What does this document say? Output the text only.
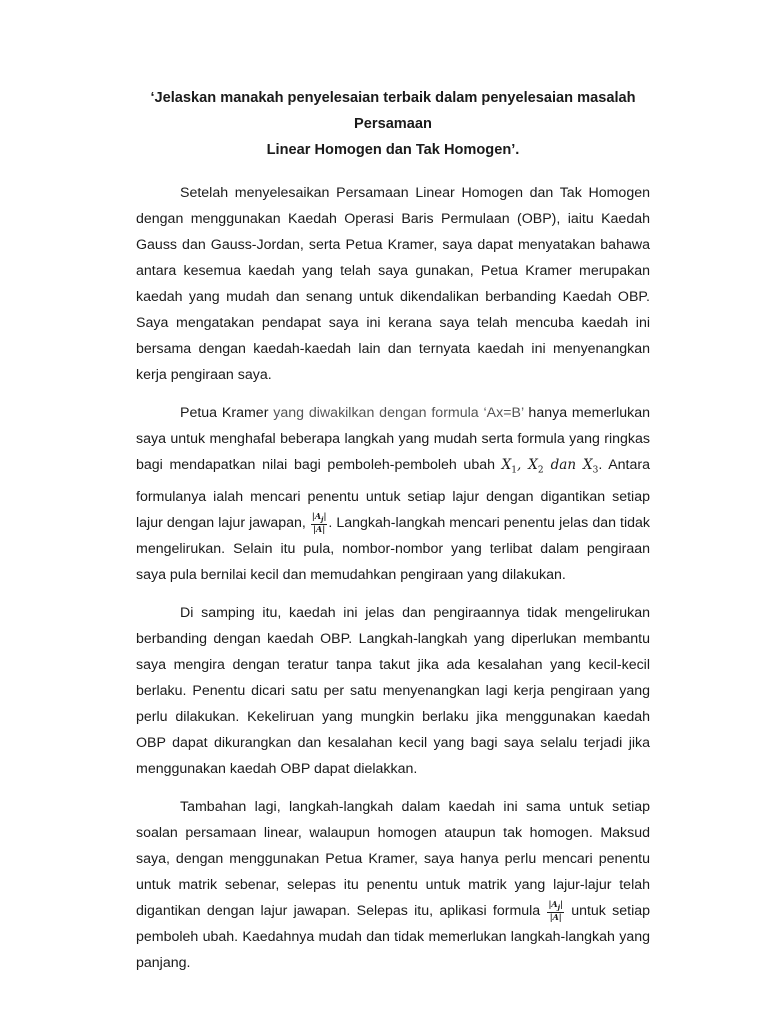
‘Jelaskan manakah penyelesaian terbaik dalam penyelesaian masalah Persamaan
Linear Homogen dan Tak Homogen’.

Setelah menyelesaikan Persamaan Linear Homogen dan Tak Homogen dengan menggunakan Kaedah Operasi Baris Permulaan (OBP), iaitu Kaedah Gauss dan Gauss-Jordan, serta Petua Kramer, saya dapat menyatakan bahawa antara kesemua kaedah yang telah saya gunakan, Petua Kramer merupakan kaedah yang mudah dan senang untuk dikendalikan berbanding Kaedah OBP. Saya mengatakan pendapat saya ini kerana saya telah mencuba kaedah ini bersama dengan kaedah-kaedah lain dan ternyata kaedah ini menyenangkan kerja pengiraan saya.

Petua Kramer yang diwakilkan dengan formula ‘Ax=B’ hanya memerlukan saya untuk menghafal beberapa langkah yang mudah serta formula yang ringkas bagi mendapatkan nilai bagi pemboleh-pemboleh ubah $X_1$, $X_2$ dan $X_3$. Antara formulanya ialah mencari penentu untuk setiap lajur dengan digantikan setiap lajur dengan lajur jawapan, $\frac{|A_j|}{|A|}$ . Langkah-langkah mencari penentu jelas dan tidak mengelirukan. Selain itu pula, nombor-nombor yang terlibat dalam pengiraan saya pula bernilai kecil dan memudahkan pengiraan yang dilakukan.

Di samping itu, kaedah ini jelas dan pengiraannya tidak mengelirukan berbanding dengan kaedah OBP. Langkah-langkah yang diperlukan membantu saya mengira dengan teratur tanpa takut jika ada kesalahan yang kecil-kecil berlaku. Penentu dicari satu per satu menyenangkan lagi kerja pengiraan yang perlu dilakukan. Kekeliruan yang mungkin berlaku jika menggunakan kaedah OBP dapat dikurangkan dan kesalahan kecil yang bagi saya selalu terjadi jika menggunakan kaedah OBP dapat dielakkan.

Tambahan lagi, langkah-langkah dalam kaedah ini sama untuk setiap soalan persamaan linear, walaupun homogen ataupun tak homogen. Maksud saya, dengan menggunakan Petua Kramer, saya hanya perlu mencari penentu untuk matrik sebenar, selepas itu penentu untuk matrik yang lajur-lajur telah digantikan dengan lajur jawapan. Selepas itu, aplikasi formula $\frac{|A_j|}{|A|}$ untuk setiap pemboleh ubah. Kaedahnya mudah dan tidak memerlukan langkah-langkah yang panjang.
